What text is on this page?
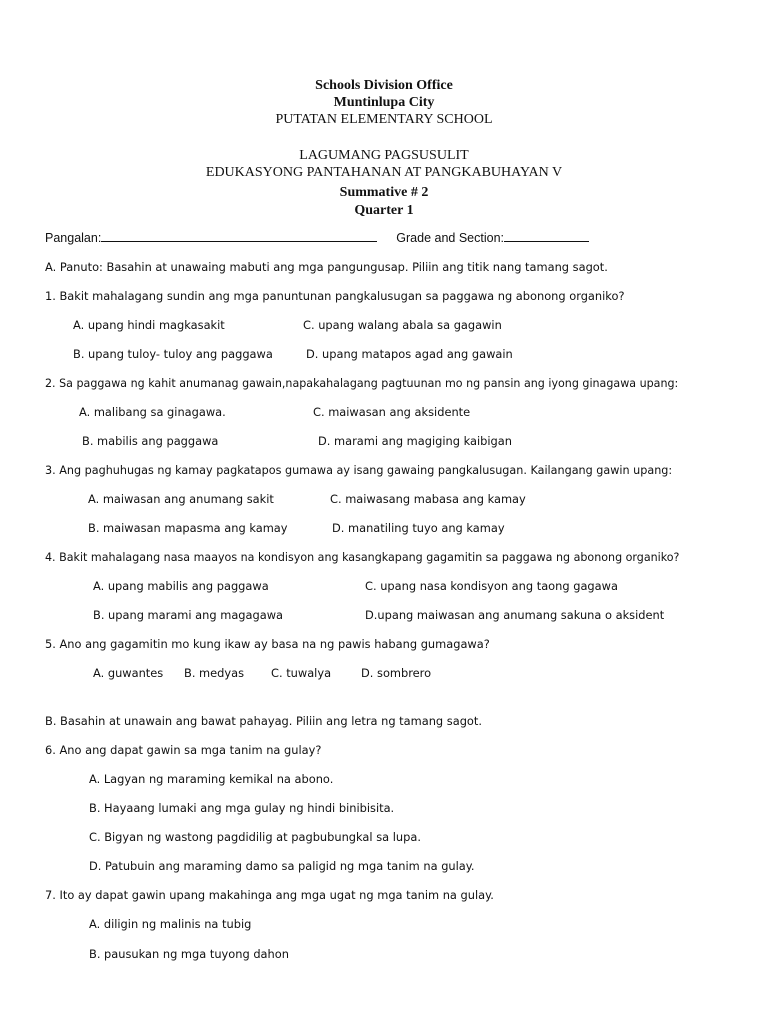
Schools Division Office
Muntinlupa City
PUTATAN ELEMENTARY SCHOOL
LAGUMANG PAGSUSULIT
EDUKASYONG PANTAHANAN AT PANGKABUHAYAN V
Summative # 2
Quarter 1
Pangalan:	Grade and Section:
A. Panuto: Basahin at unawaing mabuti ang mga pangungusap. Piliin ang titik nang tamang sagot.
1. Bakit mahalagang sundin ang mga panuntunan pangkalusugan sa paggawa ng abonong organiko?
A. upang hindi magkasakit	C. upang walang abala sa gagawin
B. upang tuloy- tuloy ang paggawa	D. upang matapos agad ang gawain
2. Sa paggawa ng kahit anumanag gawain,napakahalagang pagtuunan mo ng pansin ang iyong ginagawa upang:
A. malibang sa ginagawa.	C. maiwasan ang aksidente
B. mabilis ang paggawa	D. marami ang magiging kaibigan
3. Ang paghuhugas ng kamay pagkatapos gumawa ay isang gawaing pangkalusugan. Kailangang gawin upang:
A. maiwasan ang anumang sakit	C. maiwasang mabasa ang kamay
B. maiwasan mapasma ang kamay	D. manatiling tuyo ang kamay
4. Bakit mahalagang nasa maayos na kondisyon ang kasangkapang gagamitin sa paggawa ng abonong organiko?
A. upang mabilis ang paggawa	C. upang nasa kondisyon ang taong gagawa
B. upang marami ang magagawa	D.upang maiwasan ang anumang sakuna o aksident
5. Ano ang gagamitin mo kung ikaw ay basa na ng pawis habang gumagawa?
A. guwantes B. medyas C. tuwalya	D. sombrero
B. Basahin at unawain ang bawat pahayag. Piliin ang letra ng tamang sagot.
6. Ano ang dapat gawin sa mga tanim na gulay?
A. Lagyan ng maraming kemikal na abono.
B. Hayaang lumaki ang mga gulay ng hindi binibisita.
C. Bigyan ng wastong pagdidilig at pagbubungkal sa lupa.
D. Patubuin ang maraming damo sa paligid ng mga tanim na gulay.
7. Ito ay dapat gawin upang makahinga ang mga ugat ng mga tanim na gulay.
A. diligin ng malinis na tubig
B. pausukan ng mga tuyong dahon
